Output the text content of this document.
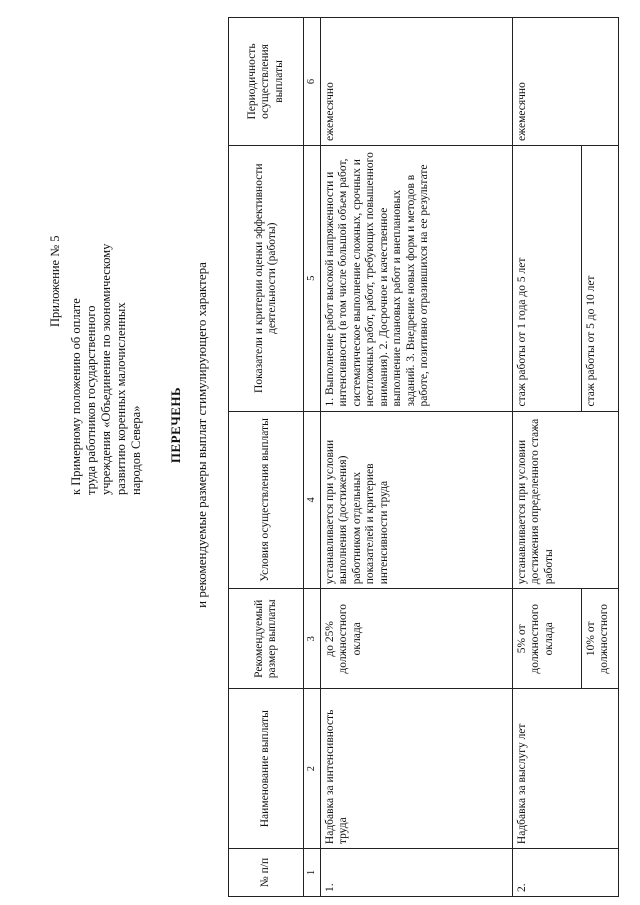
Приложение № 5
к Примерному положению об оплате труда работников государственного учреждения «Объединение по экономическому развитию коренных малочисленных народов Севера» ПЕРЕЧЕНЬ и рекомендуемые размеры выплат стимулирующего характера
№ п/п	Наименование выплаты	Рекомендуемый размер выплаты	Условия осуществления выплаты	Показатели и критерии оценки эффективности деятельности (работы)	Периодичность осуществления выплаты
1	2	3	4	5	6
1.	Надбавка за интенсивность труда	до 25% должностного оклада	устанавливается при условии выполнения (достижения) работником отдельных показателей и критериев интенсивности труда	1. Выполнение работ высокой напряженности и интенсивности (в том числе большой объем работ, систематическое выполнение сложных, срочных и неотложных работ, работ, требующих повышенного внимания). 2. Досрочное и качественное выполнение плановых работ и внеплановых заданий. 3. Внедрение новых форм и методов в работе, позитивно отразившихся на ее результате	ежемесячно
2.	Надбавка за выслугу лет	5% от должностного оклада	устанавливается при условии достижения определенного стажа работы	стаж работы от 1 года до 5 лет	ежемесячно
		10% от должностного		стаж работы от 5 до 10 лет	
